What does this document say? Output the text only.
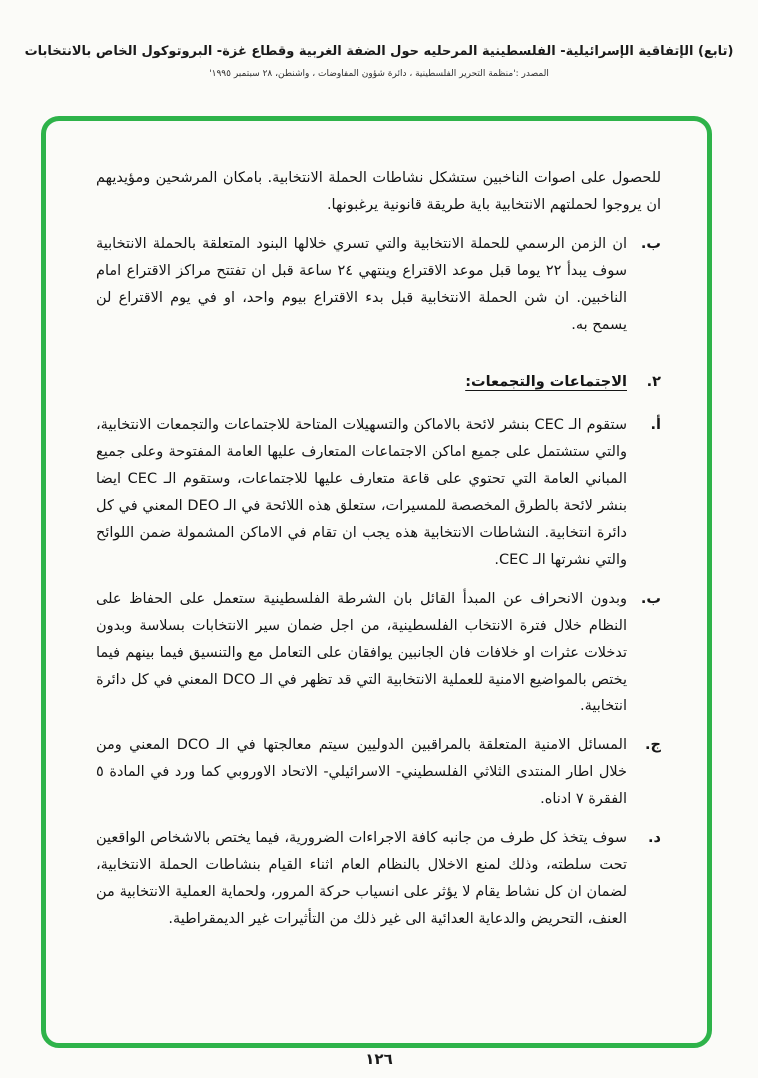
(تابع) الإتفاقية الإسرائيلية- الفلسطينية المرحليه حول الضفة الغربية وقطاع غزة- البروتوكول الخاص بالانتخابات
المصدر :'منظمة التحرير الفلسطينية ، دائرة شؤون المفاوضات ، واشنطن، ٢٨ سبتمبر ١٩٩٥'

للحصول على اصوات الناخبين ستشكل نشاطات الحملة الانتخابية. بامكان المرشحين ومؤيديهم ان يروجوا لحملتهم الانتخابية باية طريقة قانونية يرغبونها.

ب.

ان الزمن الرسمي للحملة الانتخابية والتي تسري خلالها البنود المتعلقة بالحملة الانتخابية سوف يبدأ ٢٢ يوما قبل موعد الاقتراع وينتهي ٢٤ ساعة قبل ان تفتتح مراكز الاقتراع امام الناخبين. ان شن الحملة الانتخابية قبل بدء الاقتراع بيوم واحد، او في يوم الاقتراع لن يسمح به.

٢.
الاجتماعات والتجمعات:
أ.

ستقوم الـ CEC بنشر لائحة بالاماكن والتسهيلات المتاحة للاجتماعات والتجمعات الانتخابية، والتي ستشتمل على جميع اماكن الاجتماعات المتعارف عليها العامة المفتوحة وعلى جميع المباني العامة التي تحتوي على قاعة متعارف عليها للاجتماعات، وستقوم الـ CEC ايضا بنشر لائحة بالطرق المخصصة للمسيرات، ستعلق هذه اللائحة في الـ DEO المعني في كل دائرة انتخابية. النشاطات الانتخابية هذه يجب ان تقام في الاماكن المشمولة ضمن اللوائح والتي نشرتها الـ CEC.

ب.

وبدون الانحراف عن المبدأ القائل بان الشرطة الفلسطينية ستعمل على الحفاظ على النظام خلال فترة الانتخاب الفلسطينية، من اجل ضمان سير الانتخابات بسلاسة وبدون تدخلات عثرات او خلافات فان الجانبين يوافقان على التعامل مع والتنسيق فيما بينهم فيما يختص بالمواضيع الامنية للعملية الانتخابية التي قد تظهر في الـ DCO المعني في كل دائرة انتخابية.

ج.

المسائل الامنية المتعلقة بالمراقبين الدوليين سيتم معالجتها في الـ DCO المعني ومن خلال اطار المنتدى الثلاثي الفلسطيني- الاسرائيلي- الاتحاد الاوروبي كما ورد في المادة ٥ الفقرة ٧ ادناه.

د.

سوف يتخذ كل طرف من جانبه كافة الاجراءات الضرورية، فيما يختص بالاشخاص الواقعين تحت سلطته، وذلك لمنع الاخلال بالنظام العام اثناء القيام بنشاطات الحملة الانتخابية، لضمان ان كل نشاط يقام لا يؤثر على انسياب حركة المرور، ولحماية العملية الانتخابية من العنف، التحريض والدعاية العدائية الى غير ذلك من التأثيرات غير الديمقراطية.

١٢٦
